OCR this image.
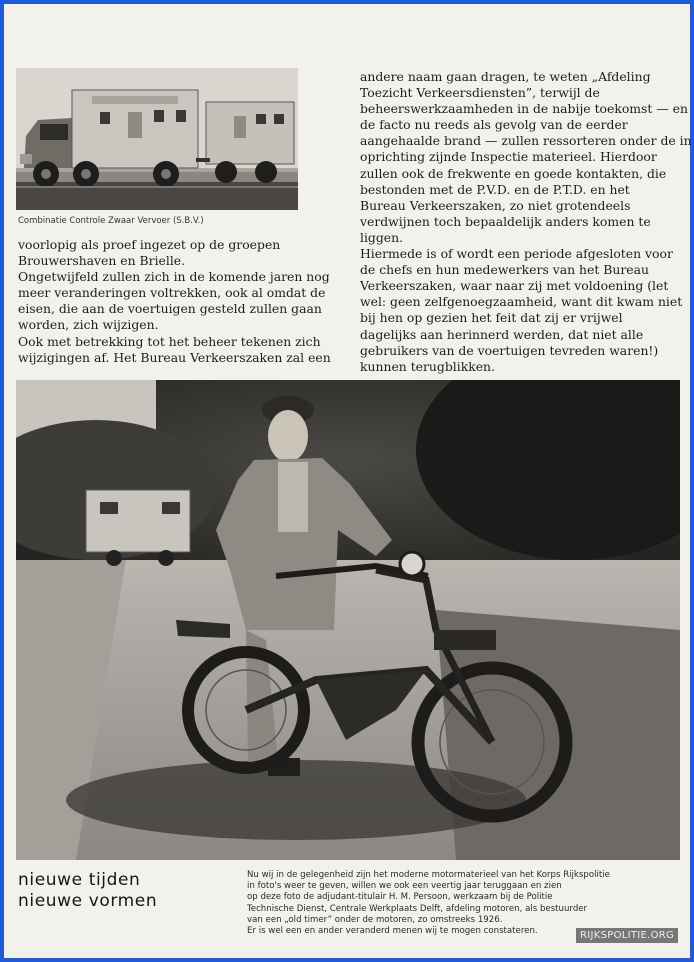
Combinatie Controle Zwaar Vervoer (S.B.V.)

voorlopig als proef ingezet op de groepen

Brouwershaven en Brielle.

Ongetwijfeld zullen zich in de komende jaren nog

meer veranderingen voltrekken, ook al omdat de

eisen, die aan de voertuigen gesteld zullen gaan

worden, zich wijzigen.

Ook met betrekking tot het beheer tekenen zich

wijzigingen af. Het Bureau Verkeerszaken zal een

andere naam gaan dragen, te weten „Afdeling

Toezicht Verkeersdiensten”, terwijl de

beheerswerkzaamheden in de nabije toekomst — en

de facto nu reeds als gevolg van de eerder

aangehaalde brand — zullen ressorteren onder de in

oprichting zijnde Inspectie materieel. Hierdoor

zullen ook de frekwente en goede kontakten, die

bestonden met de P.V.D. en de P.T.D. en het

Bureau Verkeerszaken, zo niet grotendeels

verdwijnen toch bepaaldelijk anders komen te

liggen.

Hiermede is of wordt een periode afgesloten voor

de chefs en hun medewerkers van het Bureau

Verkeerszaken, waar naar zij met voldoening (let

wel: geen zelfgenoegzaamheid, want dit kwam niet

bij hen op gezien het feit dat zij er vrijwel

dagelijks aan herinnerd werden, dat niet alle

gebruikers van de voertuigen tevreden waren!)

kunnen terugblikken.

nieuwe tijden
nieuwe vormen
Nu wij in de gelegenheid zijn het moderne motormaterieel van het Korps Rijkspolitie
in foto's weer te geven, willen we ook een veertig jaar teruggaan en zien
op deze foto de adjudant-titulair H. M. Persoon, werkzaam bij de Politie
Technische Dienst, Centrale Werkplaats Delft, afdeling motoren, als bestuurder
van een „old timer” onder de motoren, zo omstreeks 1926.
Er is wel een en ander veranderd menen wij te mogen constateren.	RIJKSPOLITIE.ORG
